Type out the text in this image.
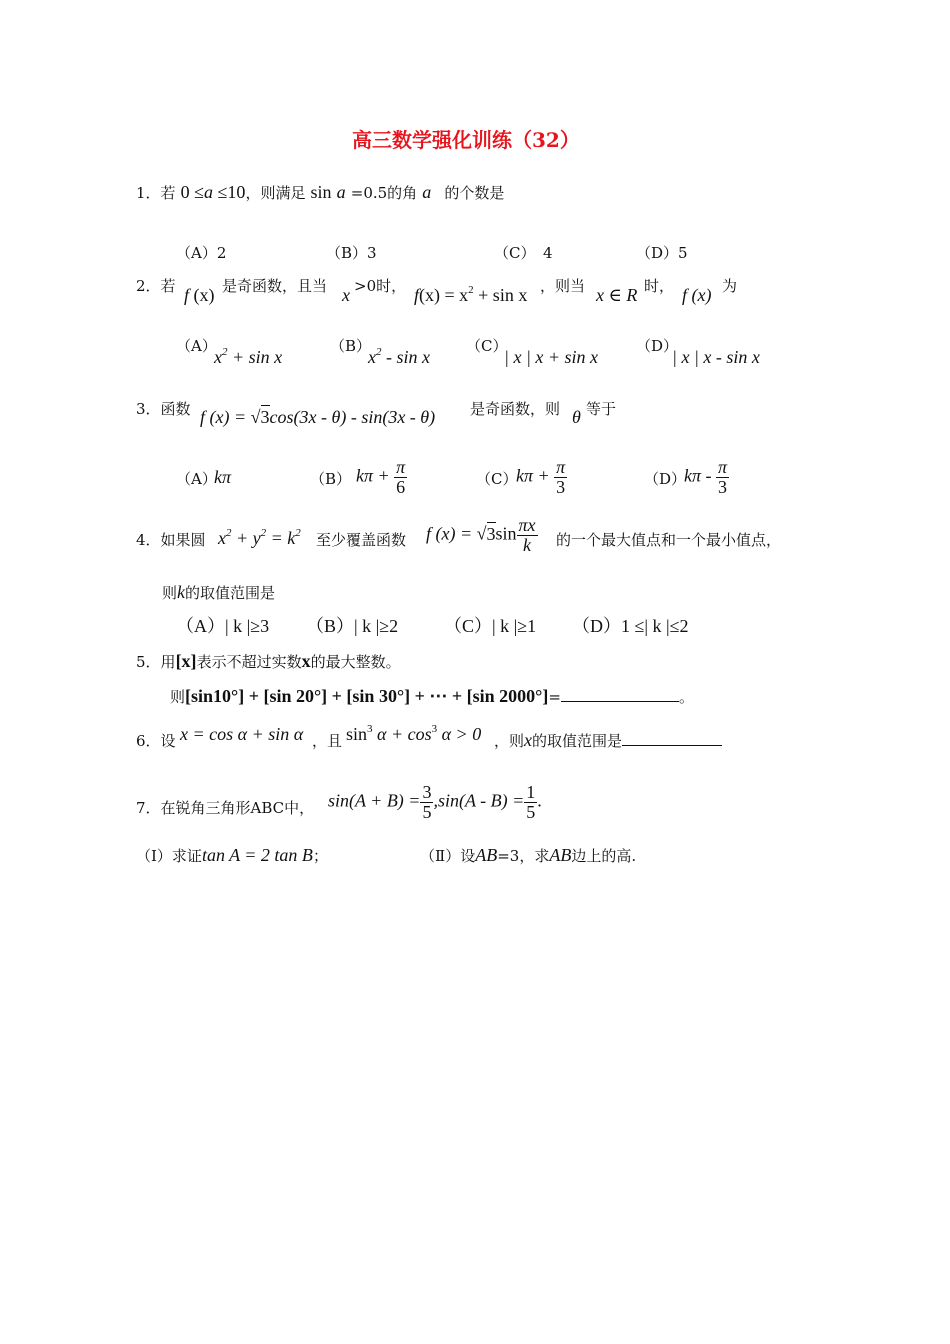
高三数学强化训练（32）
1．若 0 ≤a ≤10，则满足 sin a =0.5的角 a 的个数是
（A）2	（B）3	（C）　4	（D）5
2．若 f (x) 是奇函数，且当 x >0时， $f(x) = x^2 + \sin x$ ，则当 x ∈ R 时， f (x) 为
（A）
$x^2 + \sin x$
（B）
$x^2$ - sin x
（C）
| x | x + sin x
（D）
| x | x - sin x
3．函数 f (x) = √3cos(3x - θ) - sin(3x - θ) 是奇函数，则 θ 等于
（A）
kπ	（B） $k\pi + \frac{\pi}{6}$	（C）
$k\pi + \frac{\pi}{3}$	（D）
kπ - $\frac{\pi}{3}$
4．如果圆 $x^2 + y^2 = k^2$ 至少覆盖函数 f $(x) = √3\sin \frac{\pi x}{k}$ 的一个最大值点和一个最小值点，
则k的取值范围是
（A）| k |≥3 （B）| k |≥2	（C）| k |≥1 （D）1 ≤| k |≤2
5．用[x]表示不超过实数x的最大整数。
则[sin10°] + [sin 20°] + [sin 30°] + ⋯ + [sin 2000°]=	。
6．设 x = cos α + sin α ，且 $\sin^3 \alpha + \cos^3 \alpha > 0$ ，则x的取值范围是
7．在锐角三角形ABC中， $\sin(A + B) = \frac{3}{5} ,\sin(A - B) = \frac{1}{5}$ .
（Ⅰ）求证tan A = 2 tan B；	（Ⅱ）设AB=3，求AB边上的高.
